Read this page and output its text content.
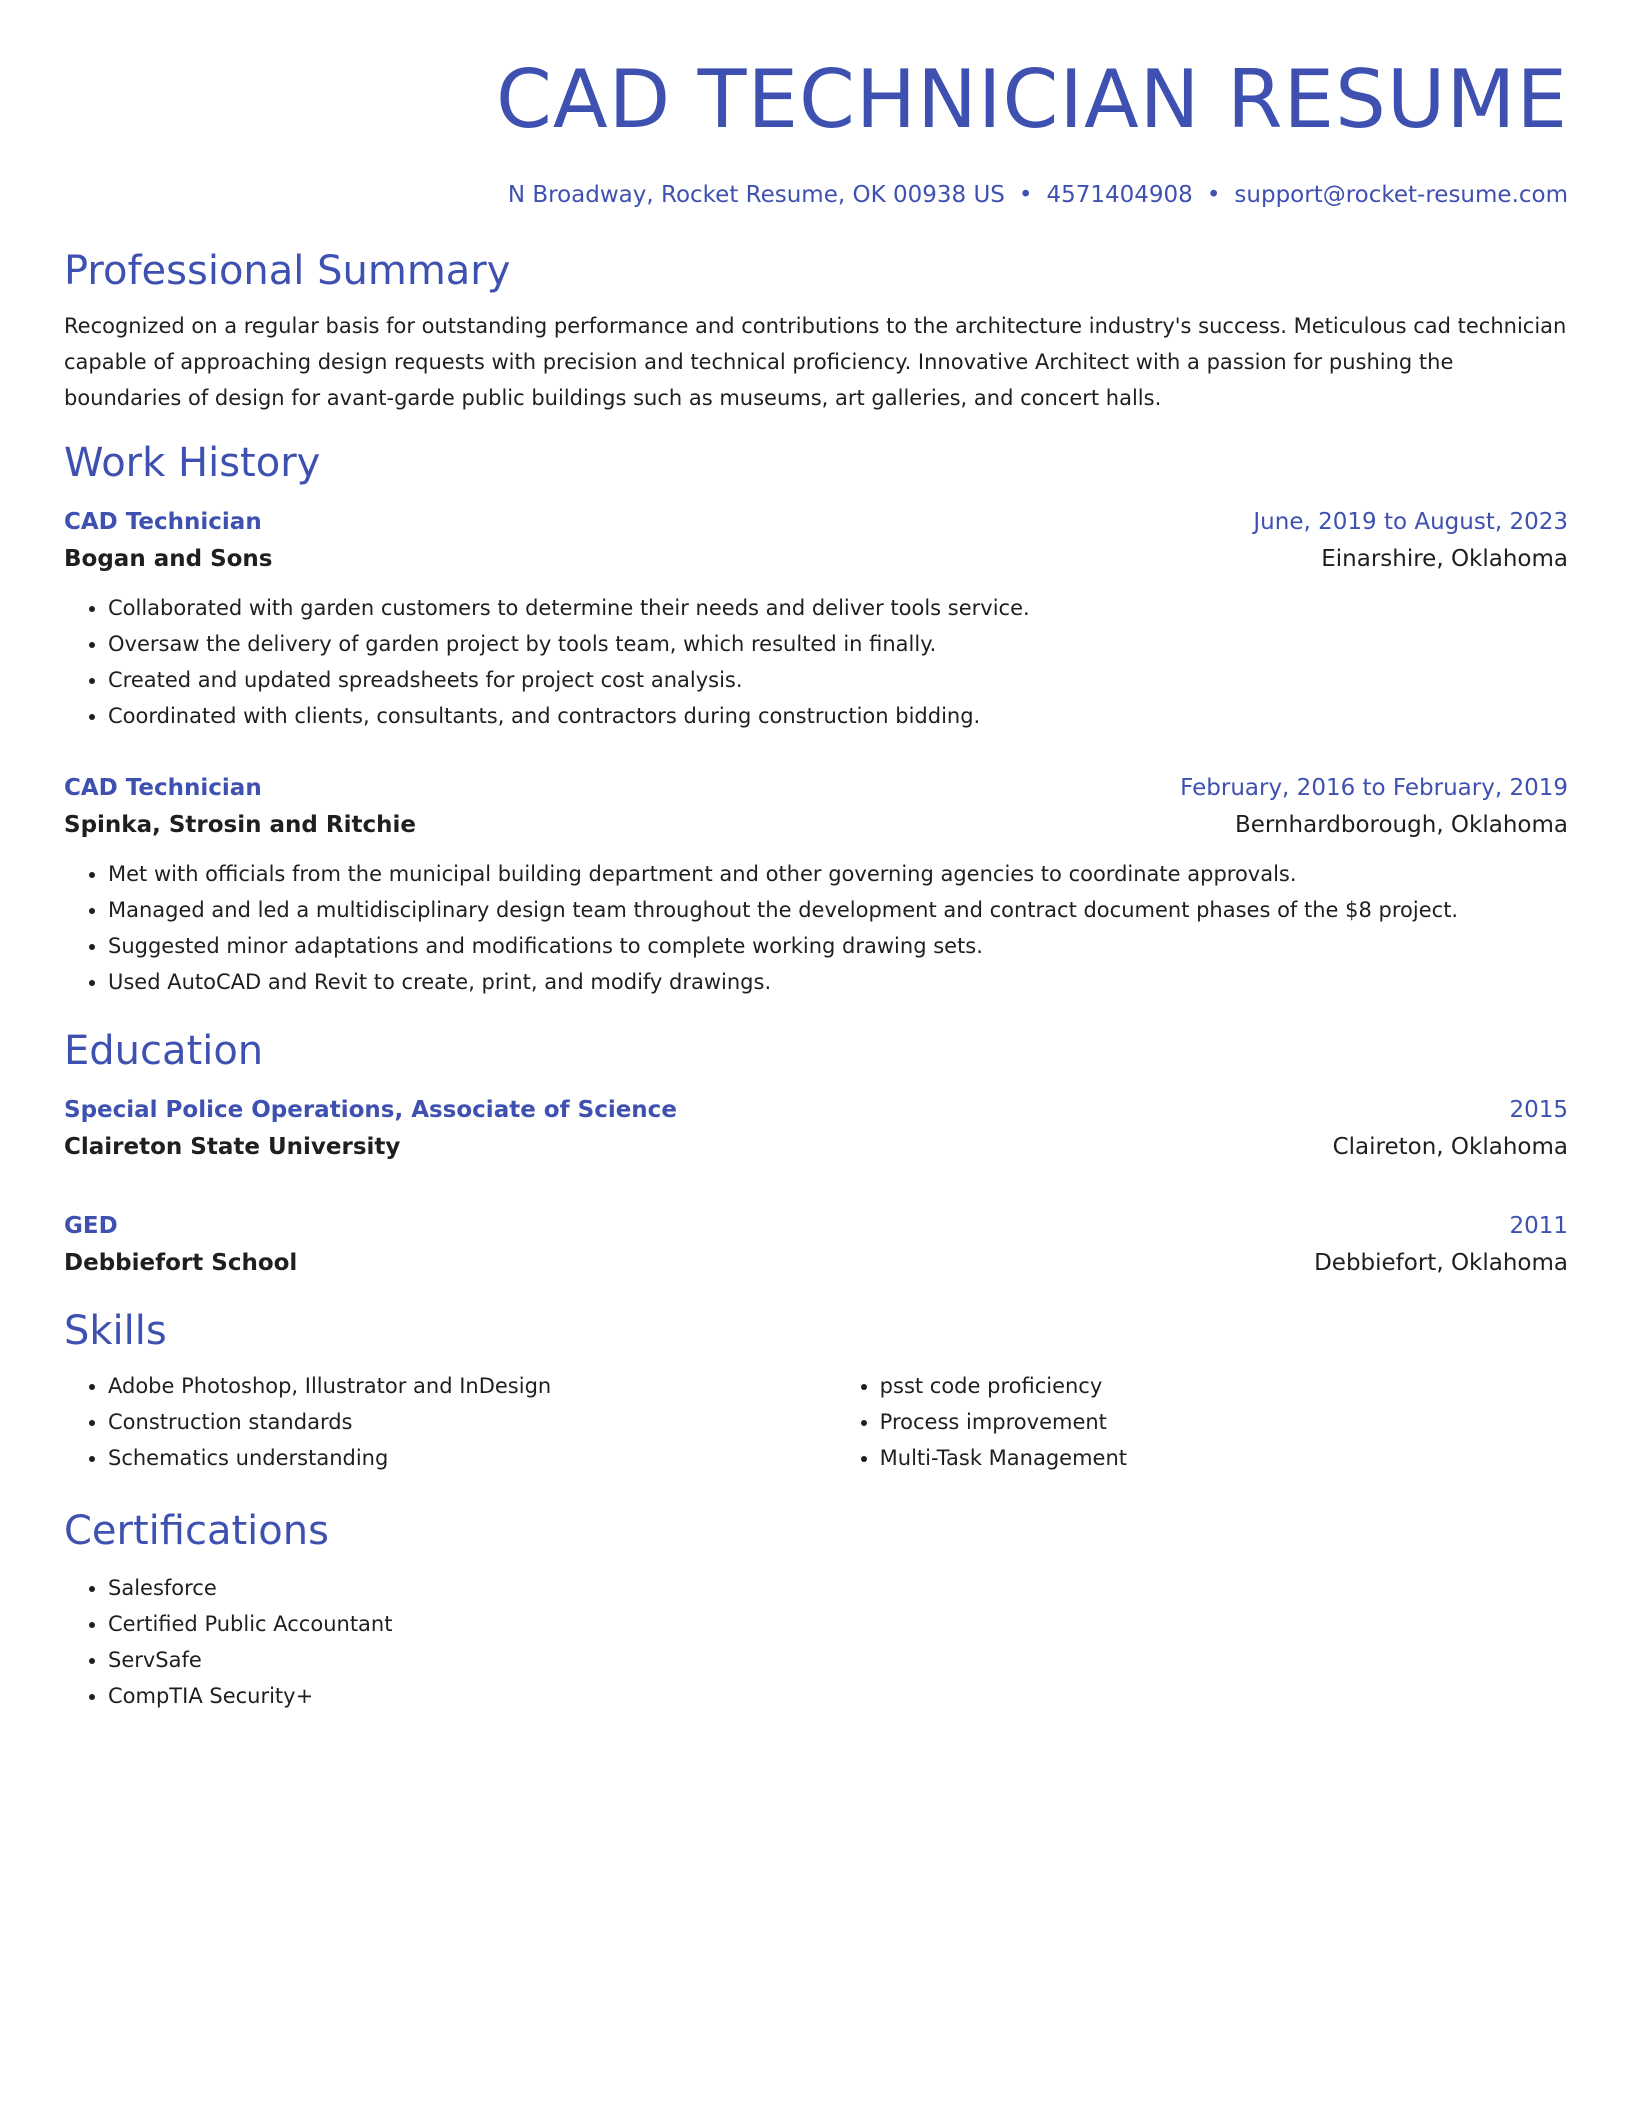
CAD TECHNICIAN RESUME
N Broadway, Rocket Resume, OK 00938 US • 4571404908 • support@rocket-resume.com
Professional Summary

Recognized on a regular basis for outstanding performance and contributions to the architecture industry's success. Meticulous cad technician capable of approaching design requests with precision and technical proficiency. Innovative Architect with a passion for pushing the boundaries of design for avant-garde public buildings such as museums, art galleries, and concert halls.

Work History
CAD Technician	June, 2019 to August, 2023
Bogan and Sons	Einarshire, Oklahoma
• Collaborated with garden customers to determine their needs and deliver tools service.
• Oversaw the delivery of garden project by tools team, which resulted in finally.
• Created and updated spreadsheets for project cost analysis.
• Coordinated with clients, consultants, and contractors during construction bidding.
CAD Technician	February, 2016 to February, 2019
Spinka, Strosin and Ritchie	Bernhardborough, Oklahoma
• Met with officials from the municipal building department and other governing agencies to coordinate approvals.
• Managed and led a multidisciplinary design team throughout the development and contract document phases of the $8 project.
• Suggested minor adaptations and modifications to complete working drawing sets.
• Used AutoCAD and Revit to create, print, and modify drawings.
Education
Special Police Operations, Associate of Science	2015
Claireton State University	Claireton, Oklahoma
GED	2011
Debbiefort School	Debbiefort, Oklahoma
Skills
• Adobe Photoshop, Illustrator and InDesign
• Construction standards
• Schematics understanding
• psst code proficiency
• Process improvement
• Multi-Task Management
Certifications
• Salesforce
• Certified Public Accountant
• ServSafe
• CompTIA Security+
